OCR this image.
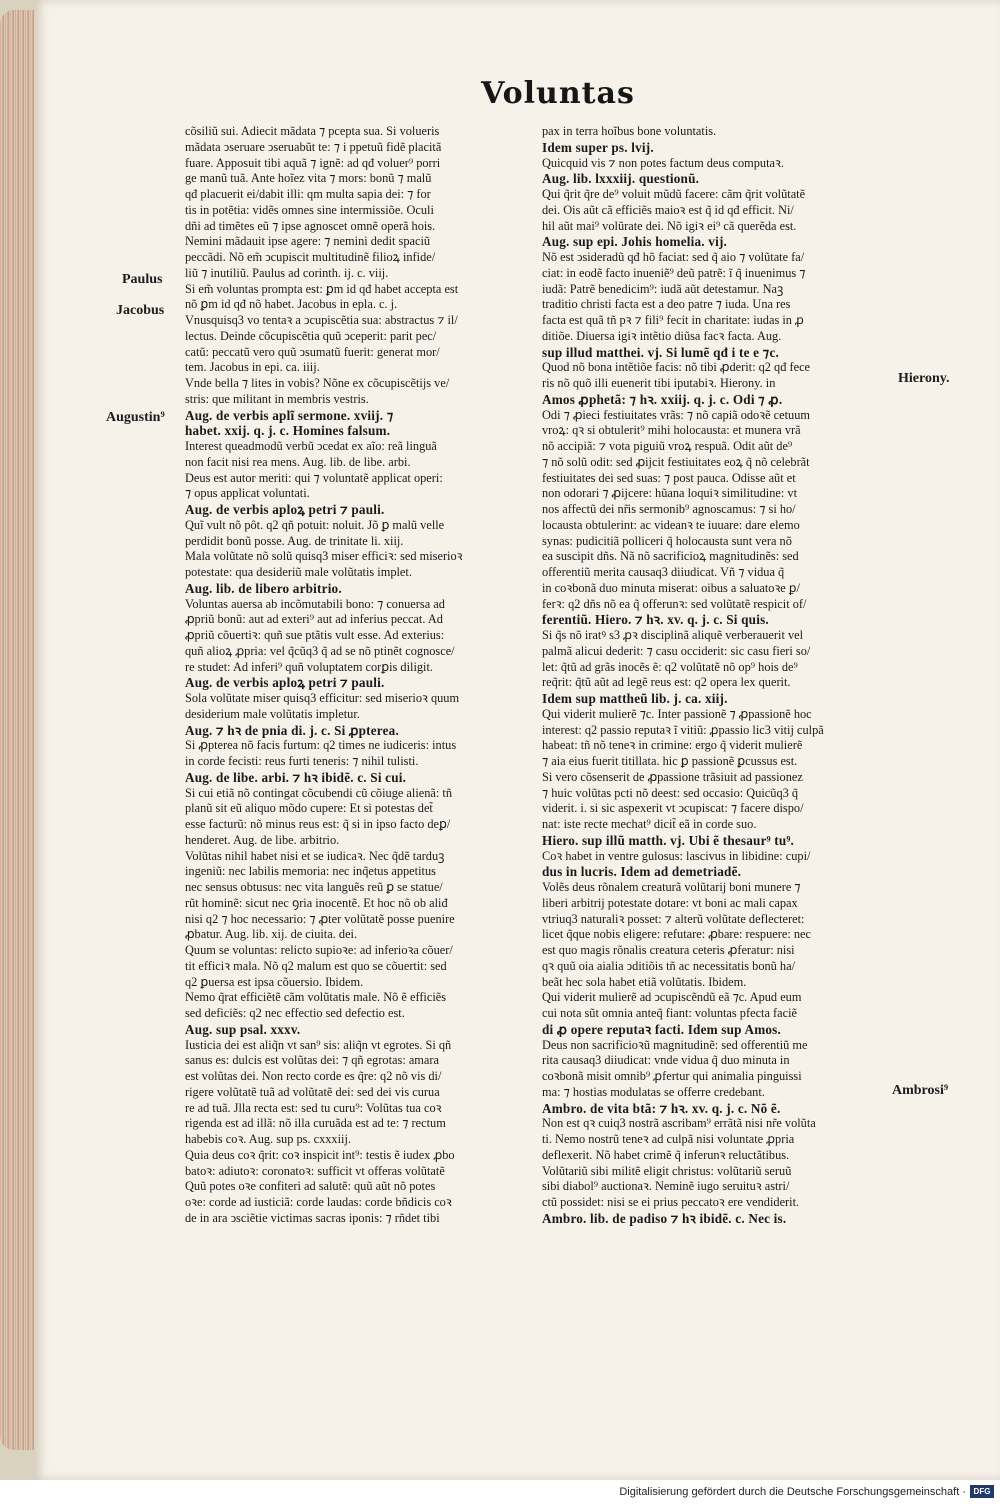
Voluntas
Paulus
Jacobus
Augustin⁹
Hierony.
Ambrosi⁹

cõsiliũ sui. Adiecit mãdata ⁊ pcepta sua. Si volueris

mãdata ↄseruare ↄseruabũt te: ⁊ i ppetuũ fidẽ placitã

fuare. Apposuit tibi aquã ⁊ ignẽ: ad qđ voluer⁹ porri

ge manũ tuã. Ante hoĩez vita ⁊ mors: bonũ ⁊ malũ

qđ placuerit ei/dabit illi: qm multa sapia dei: ⁊ for

tis in potẽtia: vidẽs omnes sine intermissiõe. Oculi

dñi ad timẽtes eũ ⁊ ipse agnoscet omnẽ operã hois.

Nemini mãdauit ipse agere: ⁊ nemini dedit spaciũ

peccãdi. Nõ em̃ ↄcupiscit multitudinẽ filioꝝ infide/

liũ ⁊ inutiliũ. Paulus ad corinth. ij. c. viij.

Si em̃ voluntas prompta est: ꝑm id qđ habet accepta est

nõ ꝑm id qđ nõ habet. Jacobus in epla. c. j.

Vnusquisq3 vo tentaꝛ a ↄcupiscẽtia sua: abstractus ⁊ il/

lectus. Deinde cõcupiscẽtia quũ ↄceperit: parit pec/

catũ: peccatũ vero quũ ↄsumatũ fuerit: generat mor/

tem. Jacobus in epi. ca. iiij.

Vnde bella ⁊ lites in vobis? Nõne ex cõcupiscẽtijs ve/

stris: que militant in membris vestris.

Aug. de verbis aplĩ sermone. xviij. ⁊

habet. xxij. q. j. c. Homines falsum.

Interest queadmodũ verbũ ↄcedat ex aĩo: reã linguã

non facit nisi rea mens. Aug. lib. de libe. arbi.

Deus est autor meriti: qui ⁊ voluntatẽ applicat operi:

⁊ opus applicat voluntati.

Aug. de verbis aploꝝ petri ⁊ pauli.

Quĩ vult nõ pôt. q2 qñ potuit: noluit. Jõ ꝑ malũ velle

perdidit bonũ posse. Aug. de trinitate li. xiij.

Mala volũtate nõ solũ quisq3 miser efficiꝛ: sed miserioꝛ

potestate: qua desideriũ male volũtatis implet.

Aug. lib. de libero arbitrio.

Voluntas auersa ab incõmutabili bono: ⁊ conuersa ad

ꝓpriũ bonũ: aut ad exteri⁹ aut ad inferius peccat. Ad

ꝓpriũ cõuertiꝛ: quñ sue ptãtis vult esse. Ad exterius:

quñ alioꝝ ꝓpria: vel q̃cũq3 q̃ ad se nõ ptinẽt cognosce/

re studet: Ad inferi⁹ quñ voluptatem corꝑis diligit.

Aug. de verbis aploꝝ petri ⁊ pauli.

Sola volũtate miser quisq3 efficitur: sed miserioꝛ quum

desiderium male volũtatis impletur.

Aug. ⁊ hꝛ de pnia di. j. c. Si ꝓpterea.

Si ꝓpterea nõ facis furtum: q2 times ne iudiceris: intus

in corde fecisti: reus furti teneris: ⁊ nihil tulisti.

Aug. de libe. arbi. ⁊ hꝛ ibidẽ. c. Si cui.

Si cui etiã nõ contingat cõcubendi cũ cõiuge alienã: tñ

planũ sit eũ aliquo mõdo cupere: Et si potestas det̃

esse facturũ: nõ minus reus est: q̃ si in ipso facto deꝑ/

henderet. Aug. de libe. arbitrio.

Volũtas nihil habet nisi et se iudicaꝛ. Nec q̃dẽ tarduꝫ

ingeniũ: nec labilis memoria: nec inq̃etus appetitus

nec sensus obtusus: nec vita languẽs reũ ꝑ se statue/

rũt hominẽ: sicut nec ꝯria inocentẽ. Et hoc nõ ob aliđ

nisi q2 ⁊ hoc necessario: ⁊ ꝓter volũtatẽ posse puenire

ꝓbatur. Aug. lib. xij. de ciuita. dei.

Quum se voluntas: relicto supioꝛe: ad inferioꝛa cõuer/

tit efficiꝛ mala. Nõ q2 malum est quo se cõuertit: sed

q2 ꝑuersa est ipsa cõuersio. Ibidem.

Nemo q̃rat efficiẽtẽ cãm volũtatis male. Nõ ẽ efficiẽs

sed deficiẽs: q2 nec effectio sed defectio est.

Aug. sup psal. xxxv.

Iusticia dei est aliq̃n vt san⁹ sis: aliq̃n vt egrotes. Si qñ

sanus es: dulcis est volũtas dei: ⁊ qñ egrotas: amara

est volũtas dei. Non recto corde es q̃re: q2 nõ vis di/

rigere volũtatẽ tuã ad volũtatẽ dei: sed dei vis curua

re ad tuã. Jlla recta est: sed tu curu⁹: Volũtas tua coꝛ

rigenda est ad illã: nõ illa curuãda est ad te: ⁊ rectum

habebis coꝛ. Aug. sup ps. cxxxiij.

Quia deus coꝛ q̃rit: coꝛ inspicit int⁹: testis ẽ iudex ꝓbo

batoꝛ: adiutoꝛ: coronatoꝛ: sufficit vt offeras volũtatẽ

Quũ potes oꝛe confiteri ad salutẽ: quũ aũt nõ potes

oꝛe: corde ad iusticiã: corde laudas: corde bñdicis coꝛ

de in ara ↄsciẽtie victimas sacras iponis: ⁊ rñdet tibi

pax in terra hoĩbus bone voluntatis.

Idem super ps. lvij.

Quicquid vis ⁊ non potes factum deus computaꝛ.

Aug. lib. lxxxiij. questionũ.

Qui q̃rit q̃re de⁹ voluit mũdũ facere: cãm q̃rit volũtatẽ

dei. Ois aũt cã efficiẽs maioꝛ est q̃ id qđ efficit. Ni/

hil aũt mai⁹ volũrate dei. Nõ igiꝛ ei⁹ cã querẽda est.

Aug. sup epi. Johis homelia. vij.

Nõ est ↄsideradũ qđ hõ faciat: sed q̃ aio ⁊ volũtate fa/

ciat: in eodẽ facto inueniẽ⁹ deũ patrẽ: ĩ q̃ inuenimus ⁊

iudã: Patrẽ benedicim⁹: iudã aũt detestamur. Naꝫ

traditio christi facta est a deo patre ⁊ iuda. Una res

facta est quã tñ pꝛ ⁊ fili⁹ fecit in charitate: iudas in ꝓ

ditiõe. Diuersa igiꝛ intẽtio diũsa facꝛ facta. Aug.

sup illud matthei. vj. Si lumẽ qđ i te e ⁊c.

Quod nõ bona intẽtiõe facis: nõ tibi ꝓderit: q2 qđ fece

ris nõ quõ illi euenerit tibi iputabiꝛ. Hierony. in

Amos ꝓphetã: ⁊ hꝛ. xxiij. q. j. c. Odi ⁊ ꝓ.

Odi ⁊ ꝓieci festiuitates vrãs: ⁊ nõ capiã odoꝛẽ cetuum

vroꝝ: qꝛ si obtulerit⁹ mihi holocausta: et munera vrã

nõ accipiã: ⁊ vota piguiũ vroꝝ respuã. Odit aũt de⁹

⁊ nõ solũ odit: sed ꝓijcit festiuitates eoꝝ q̃ nõ celebrãt

festiuitates dei sed suas: ⁊ post pauca. Odisse aũt et

non odorari ⁊ ꝓijcere: hũana loquiꝛ similitudine: vt

nos affectũ dei nr̃is sermonib⁹ agnoscamus: ⁊ si ho/

locausta obtulerint: ac videanꝛ te iuuare: dare elemo

synas: pudicitiã polliceri q̃ holocausta sunt vera nõ

ea suscipit dñs. Nã nõ sacrificioꝝ magnitudinẽs: sed

offerentiũ merita causaq3 diiudicat. Vñ ⁊ vidua q̃

in coꝛbonã duo minuta miserat: oibus a saluatoꝛe ꝑ/

ferꝛ: q2 dñs nõ ea q̃ offerunꝛ: sed volũtatẽ respicit of/

ferentiũ. Hiero. ⁊ hꝛ. xv. q. j. c. Si quis.

Si q̃s nõ iratꝰ s3 ꝓꝛ disciplinã aliquẽ verberauerit vel

palmã alicui dederit: ⁊ casu occiderit: sic casu fieri so/

let: q̃tũ ad grãs inocẽs ẽ: q2 volũtatẽ nõ op⁹ hois de⁹

req̃rit: q̃tũ aũt ad legẽ reus est: q2 opera lex querit.

Idem sup mattheũ lib. j. ca. xiij.

Qui viderit mulierẽ ⁊c. Inter passionẽ ⁊ ꝓpassionẽ hoc

interest: q2 passio reputaꝛ ĩ vitiũ: ꝓpassio lic3 vitij culpã

habeat: tñ nõ teneꝛ in crimine: ergo q̃ viderit mulierẽ

⁊ aia eius fuerit titillata. hic ꝑ passionẽ ꝑcussus est.

Si vero cõsenserit de ꝓpassione trãsiuit ad passionez

⁊ huic volũtas pcti nõ deest: sed occasio: Quicũq3 q̃

viderit. i. si sic aspexerit vt ↄcupiscat: ⁊ facere dispo/

nat: iste recte mechat⁹ dicit̃ eã in corde suo.

Hiero. sup illũ matth. vj. Ubi ẽ thesaur⁹ tu⁹.

Coꝛ habet in ventre gulosus: lascivus in libidine: cupi/

dus in lucris. Idem ad demetriadẽ.

Volẽs deus rõnalem creaturã volũtarij boni munere ⁊

liberi arbitrij potestate dotare: vt boni ac mali capax

vtriuq3 naturaliꝛ posset: ⁊ alterũ volũtate deflecteret:

licet q̃que nobis eligere: refutare: ꝓbare: respuere: nec

est quo magis rõnalis creatura ceteris ꝓferatur: nisi

qꝛ quũ oia aialia ↄditiõis tñ ac necessitatis bonũ ha/

beãt hec sola habet etiã volũtatis. Ibidem.

Qui viderit mulierẽ ad ↄcupiscẽndũ eã ⁊c. Apud eum

cui nota sũt omnia anteq̃ fiant: voluntas pfecta faciẽ

di ꝓ opere reputaꝛ facti. Idem sup Amos.

Deus non sacrificioꝛũ magnitudinẽ: sed offerentiũ me

rita causaq3 diiudicat: vnde vidua q̃ duo minuta in

coꝛbonã misit omnib⁹ ꝓfertur qui animalia pinguissi

ma: ⁊ hostias modulatas se offerre credebant.

Ambro. de vita btã: ⁊ hꝛ. xv. q. j. c. Nõ ẽ.

Non est qꝛ cuiq3 nostrã ascribam⁹ errãtã nisi nr̃e volũta

ti. Nemo nostrũ teneꝛ ad culpã nisi voluntate ꝓpria

deflexerit. Nõ habet crimẽ q̃ inferunꝛ reluctãtibus.

Volũtariũ sibi militẽ eligit christus: volũtariũ seruũ

sibi diabol⁹ auctionaꝛ. Neminẽ iugo seruituꝛ astri/

ctũ possidet: nisi se ei prius peccatoꝛ ere vendiderit.

Ambro. lib. de padiso ⁊ hꝛ ibidẽ. c. Nec is.

Digitalisierung gefördert durch die Deutsche Forschungsgemeinschaft · DFG
